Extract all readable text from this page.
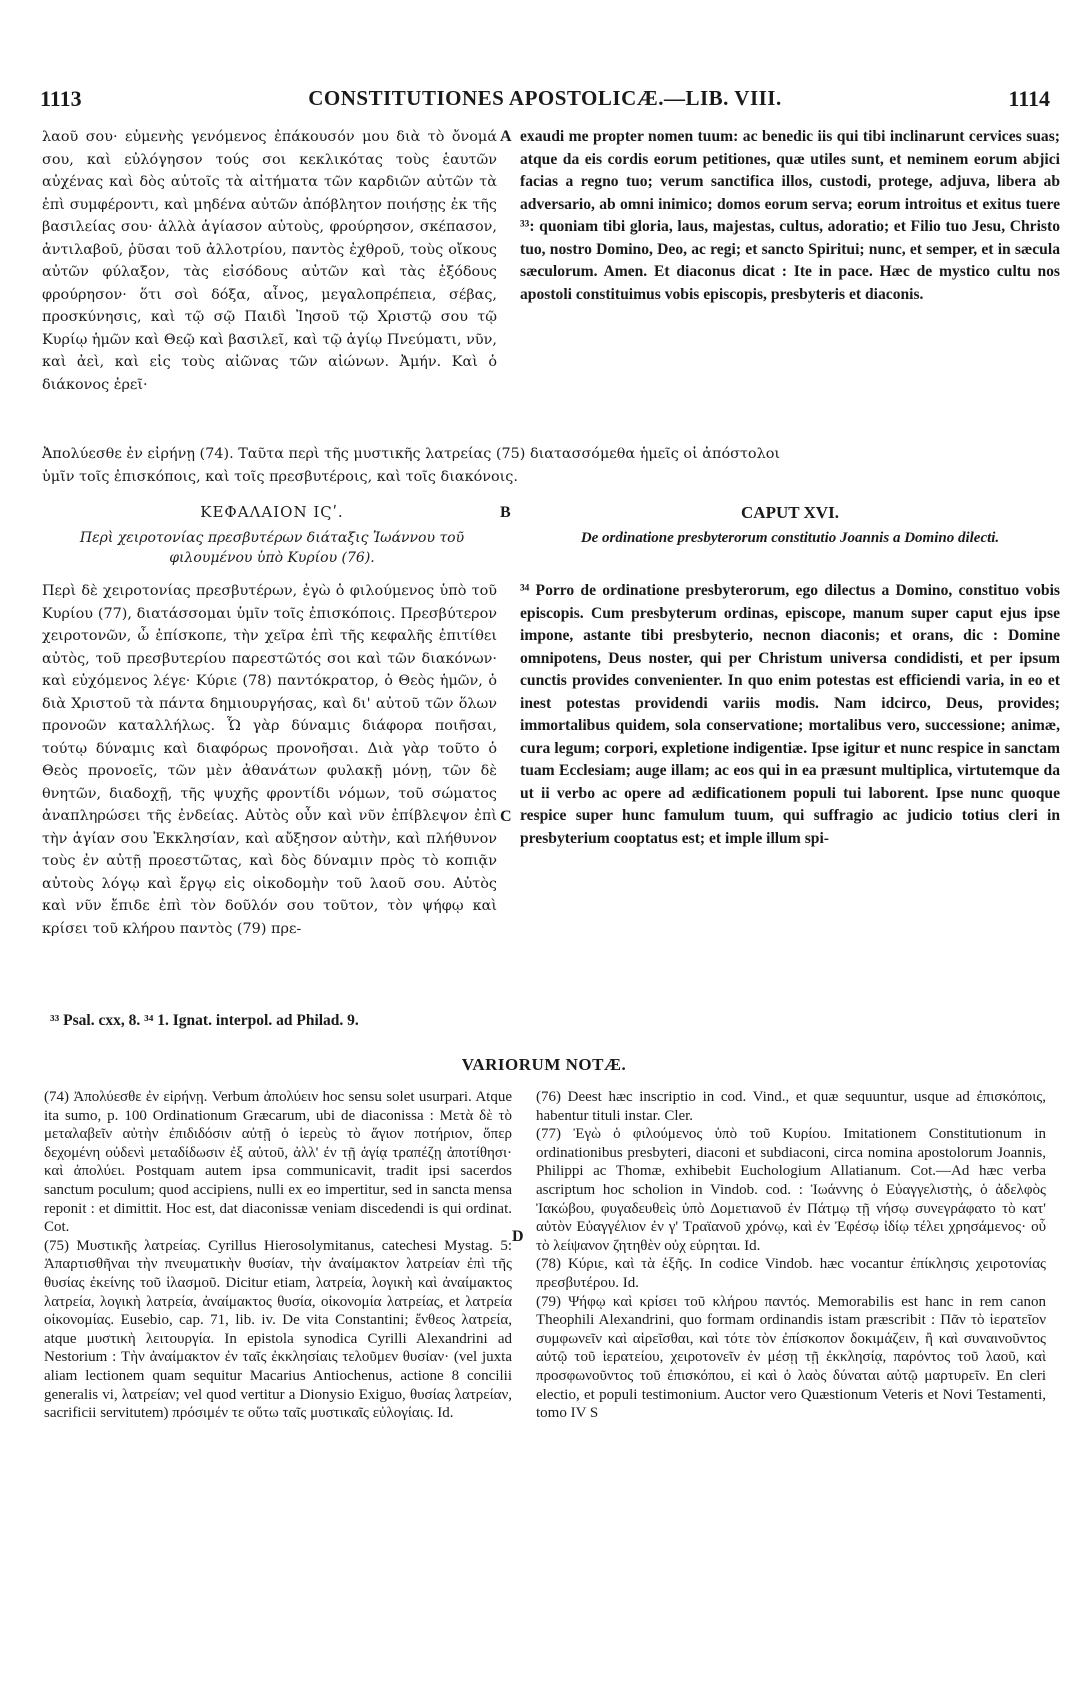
1113	CONSTITUTIONES APOSTOLICÆ.—LIB. VIII.	1114

λαοῦ σου· εὐμενὴς γενόμενος ἐπάκουσόν μου διὰ τὸ ὄνομά σου, καὶ εὐλόγησον τούς σοι κεκλικότας τοὺς ἑαυτῶν αὐχένας καὶ δὸς αὐτοῖς τὰ αἰτήματα τῶν καρδιῶν αὐτῶν τὰ ἐπὶ συμφέροντι, καὶ μηδένα αὐτῶν ἀπόβλητον ποιήσῃς ἐκ τῆς βασιλείας σου· ἀλλὰ ἁγίασον αὐτοὺς, φρούρησον, σκέπασον, ἀντιλαβοῦ, ῥῦσαι τοῦ ἀλλοτρίου, παντὸς ἐχθροῦ, τοὺς οἴκους αὐτῶν φύλαξον, τὰς εἰσόδους αὐτῶν καὶ τὰς ἐξόδους φρούρησον· ὅτι σοὶ δόξα, αἶνος, μεγαλοπρέπεια, σέβας, προσκύνησις, καὶ τῷ σῷ Παιδὶ Ἰησοῦ τῷ Χριστῷ σου τῷ Κυρίῳ ἡμῶν καὶ Θεῷ καὶ βασιλεῖ, καὶ τῷ ἁγίῳ Πνεύματι, νῦν, καὶ ἀεὶ, καὶ εἰς τοὺς αἰῶνας τῶν αἰώνων. Ἀμήν. Καὶ ὁ διάκονος ἐρεῖ·

A exaudi me propter nomen tuum: ac benedic iis qui tibi inclinarunt cervices suas; atque da eis cordis eorum petitiones, quæ utiles sunt, et neminem eorum abjici facias a regno tuo; verum sanctifica illos, custodi, protege, adjuva, libera ab adversario, ab omni inimico; domos eorum serva; eorum introitus et exitus tuere ³³: quoniam tibi gloria, laus, majestas, cultus, adoratio; et Filio tuo Jesu, Christo tuo, nostro Domino, Deo, ac regi; et sancto Spiritui; nunc, et semper, et in sæcula sæculorum. Amen. Et diaconus dicat : Ite in pace. Hæc de mystico cultu nos apostoli constituimus vobis episcopis, presbyteris et diaconis.

Ἀπολύεσθε ἐν εἰρήνῃ (74). Ταῦτα περὶ τῆς μυστικῆς λατρείας (75) διατασσόμεθα ἡμεῖς οἱ ἀπόστολοι
ὑμῖν τοῖς ἐπισκόποις, καὶ τοῖς πρεσβυτέροις, καὶ τοῖς διακόνοις.
ΚΕΦΑΛΑΙΟΝ ΙϚʹ.	B	CAPUT XVI.
Περὶ χειροτονίας πρεσβυτέρων διάταξις Ἰωάννου τοῦ φιλουμένου ὑπὸ Κυρίου (76).
De ordinatione presbyterorum constitutio Joannis a Domino dilecti.

Περὶ δὲ χειροτονίας πρεσβυτέρων, ἐγὼ ὁ φιλούμενος ὑπὸ τοῦ Κυρίου (77), διατάσσομαι ὑμῖν τοῖς ἐπισκόποις. Πρεσβύτερον χειροτονῶν, ὦ ἐπίσκοπε, τὴν χεῖρα ἐπὶ τῆς κεφαλῆς ἐπιτίθει αὐτὸς, τοῦ πρεσβυτερίου παρεστῶτός σοι καὶ τῶν διακόνων· καὶ εὐχόμενος λέγε· Κύριε (78) παντόκρατορ, ὁ Θεὸς ἡμῶν, ὁ διὰ Χριστοῦ τὰ πάντα δημιουργήσας, καὶ δι' αὐτοῦ τῶν ὅλων προνοῶν καταλλήλως. Ὧ γὰρ δύναμις διάφορα ποιῆσαι, τούτῳ δύναμις καὶ διαφόρως προνοῆσαι. Διὰ γὰρ τοῦτο ὁ Θεὸς προνοεῖς, τῶν μὲν ἀθανάτων φυλακῇ μόνῃ, τῶν δὲ θνητῶν, διαδοχῇ, τῆς ψυχῆς φροντίδι νόμων, τοῦ σώματος ἀναπληρώσει τῆς ἐνδείας. Αὐτὸς οὖν καὶ νῦν ἐπίβλεψον ἐπὶ τὴν ἁγίαν σου Ἐκκλησίαν, καὶ αὔξησον αὐτὴν, καὶ πλήθυνον τοὺς ἐν αὐτῇ προεστῶτας, καὶ δὸς δύναμιν πρὸς τὸ κοπιᾷν αὐτοὺς λόγῳ καὶ ἔργῳ εἰς οἰκοδομὴν τοῦ λαοῦ σου. Αὐτὸς καὶ νῦν ἔπιδε ἐπὶ τὸν δοῦλόν σου τοῦτον, τὸν ψήφῳ καὶ κρίσει τοῦ κλήρου παντὸς (79) πρε-

C

³⁴ Porro de ordinatione presbyterorum, ego dilectus a Domino, constituo vobis episcopis. Cum presbyterum ordinas, episcope, manum super caput ejus ipse impone, astante tibi presbyterio, necnon diaconis; et orans, dic : Domine omnipotens, Deus noster, qui per Christum universa condidisti, et per ipsum cunctis provides convenienter. In quo enim potestas est efficiendi varia, in eo et inest potestas providendi variis modis. Nam idcirco, Deus, provides; immortalibus quidem, sola conservatione; mortalibus vero, successione; animæ, cura legum; corpori, expletione indigentiæ. Ipse igitur et nunc respice in sanctam tuam Ecclesiam; auge illam; ac eos qui in ea præsunt multiplica, virtutemque da ut ii verbo ac opere ad ædificationem populi tui laborent. Ipse nunc quoque respice super hunc famulum tuum, qui suffragio ac judicio totius cleri in presbyterium cooptatus est; et imple illum spi-

³³ Psal. cxx, 8. ³⁴ 1. Ignat. interpol. ad Philad. 9.
VARIORUM NOTÆ.

(74) Ἀπολύεσθε ἐν εἰρήνῃ. Verbum ἀπολύειν hoc sensu solet usurpari. Atque ita sumo, p. 100 Ordinationum Græcarum, ubi de diaconissa : Μετὰ δὲ τὸ μεταλαβεῖν αὐτὴν ἐπιδιδόσιν αὐτῇ ὁ ἱερεὺς τὸ ἅγιον ποτήριον, ὅπερ δεχομένη οὐδενὶ μεταδίδωσιν ἐξ αὐτοῦ, ἀλλ' ἐν τῇ ἁγίᾳ τραπέζῃ ἀποτίθησι· καὶ ἀπολύει. Postquam autem ipsa communicavit, tradit ipsi sacerdos sanctum poculum; quod accipiens, nulli ex eo impertitur, sed in sancta mensa reponit : et dimittit. Hoc est, dat diaconissæ veniam discedendi is qui ordinat. Cot.

(75) Μυστικῆς λατρείας. Cyrillus Hierosolymitanus, catechesi Mystag. 5: Ἀπαρτισθῆναι τὴν πνευματικὴν θυσίαν, τὴν ἀναίμακτον λατρείαν ἐπὶ τῆς θυσίας ἐκείνης τοῦ ἱλασμοῦ. Dicitur etiam, λατρεία, λογικὴ καὶ ἀναίμακτος λατρεία, λογικὴ λατρεία, ἀναίμακτος θυσία, οἰκονομία λατρείας, et λατρεία οἰκονομίας. Eusebio, cap. 71, lib. iv. De vita Constantini; ἔνθεος λατρεία, atque μυστικὴ λειτουργία. In epistola synodica Cyrilli Alexandrini ad Nestorium : Τὴν ἀναίμακτον ἐν ταῖς ἐκκλησίαις τελοῦμεν θυσίαν· (vel juxta aliam lectionem quam sequitur Macarius Antiochenus, actione 8 concilii generalis vi, λατρείαν; vel quod vertitur a Dionysio Exiguo, θυσίας λατρείαν, sacrificii servitutem) πρόσιμέν τε οὕτω ταῖς μυστικαῖς εὐλογίαις. Id.

D

(76) Deest hæc inscriptio in cod. Vind., et quæ sequuntur, usque ad ἐπισκόποις, habentur tituli instar. Cler.

(77) Ἐγὼ ὁ φιλούμενος ὑπὸ τοῦ Κυρίου. Imitationem Constitutionum in ordinationibus presbyteri, diaconi et subdiaconi, circa nomina apostolorum Joannis, Philippi ac Thomæ, exhibebit Euchologium Allatianum. Cot.—Ad hæc verba ascriptum hoc scholion in Vindob. cod. : Ἰωάννης ὁ Εὐαγγελιστὴς, ὁ ἀδελφὸς Ἰακώβου, φυγαδευθεὶς ὑπὸ Δομετιανοῦ ἐν Πάτμῳ τῇ νήσῳ συνεγράφατο τὸ κατ' αὐτὸν Εὐαγγέλιον ἐν γ' Τραϊανοῦ χρόνῳ, καὶ ἐν Ἐφέσῳ ἰδίῳ τέλει χρησάμενος· οὗ τὸ λείψανον ζητηθὲν οὐχ εὑρηται. Id.

(78) Κύριε, καὶ τὰ ἑξῆς. In codice Vindob. hæc vocantur ἐπίκλησις χειροτονίας πρεσβυτέρου. Id.

(79) Ψήφῳ καὶ κρίσει τοῦ κλήρου παντός. Memorabilis est hanc in rem canon Theophili Alexandrini, quo formam ordinandis istam præscribit : Πᾶν τὸ ἱερατεῖον συμφωνεῖν καὶ αἱρεῖσθαι, καὶ τότε τὸν ἐπίσκοπον δοκιμάζειν, ἢ καὶ συναινοῦντος αὐτῷ τοῦ ἱερατείου, χειροτονεῖν ἐν μέσῃ τῇ ἐκκλησίᾳ, παρόντος τοῦ λαοῦ, καὶ προσφωνοῦντος τοῦ ἐπισκόπου, εἰ καὶ ὁ λαὸς δύναται αὐτῷ μαρτυρεῖν. En cleri electio, et populi testimonium. Auctor vero Quæstionum Veteris et Novi Testamenti, tomo IV S
